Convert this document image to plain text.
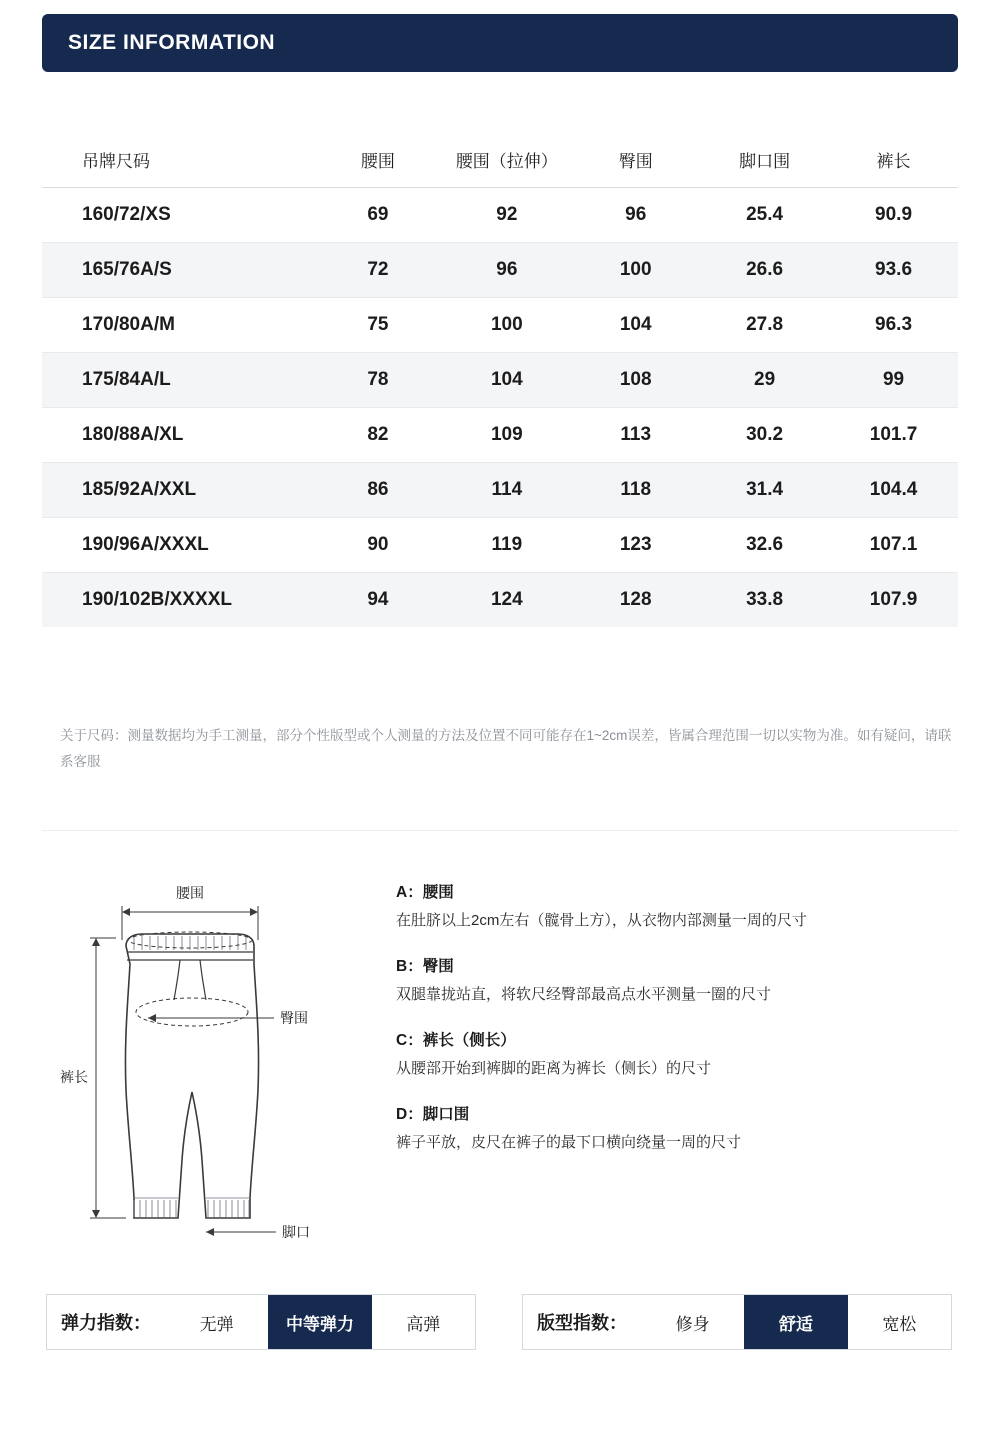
SIZE INFORMATION
吊牌尺码	腰围	腰围（拉伸）	臀围	脚口围	裤长
160/72/XS	69	92	96	25.4	90.9
165/76A/S	72	96	100	26.6	93.6
170/80A/M	75	100	104	27.8	96.3
175/84A/L	78	104	108	29	99
180/88A/XL	82	109	113	30.2	101.7
185/92A/XXL	86	114	118	31.4	104.4
190/96A/XXXL	90	119	123	32.6	107.1
190/102B/XXXXL	94	124	128	33.8	107.9
关于尺码：测量数据均为手工测量，部分个性版型或个人测量的方法及位置不同可能存在1~2cm误差，皆属合理范围一切以实物为准。如有疑问，请联系客服
腰围
臀围
裤长
脚口
A：腰围
在肚脐以上2cm左右（髋骨上方），从衣物内部测量一周的尺寸
B：臀围
双腿靠拢站直，将软尺经臀部最高点水平测量一圈的尺寸
C：裤长（侧长）
从腰部开始到裤脚的距离为裤长（侧长）的尺寸
D：脚口围
裤子平放，皮尺在裤子的最下口横向绕量一周的尺寸
弹力指数：	无弹	中等弹力	高弹	版型指数：	修身	舒适	宽松
